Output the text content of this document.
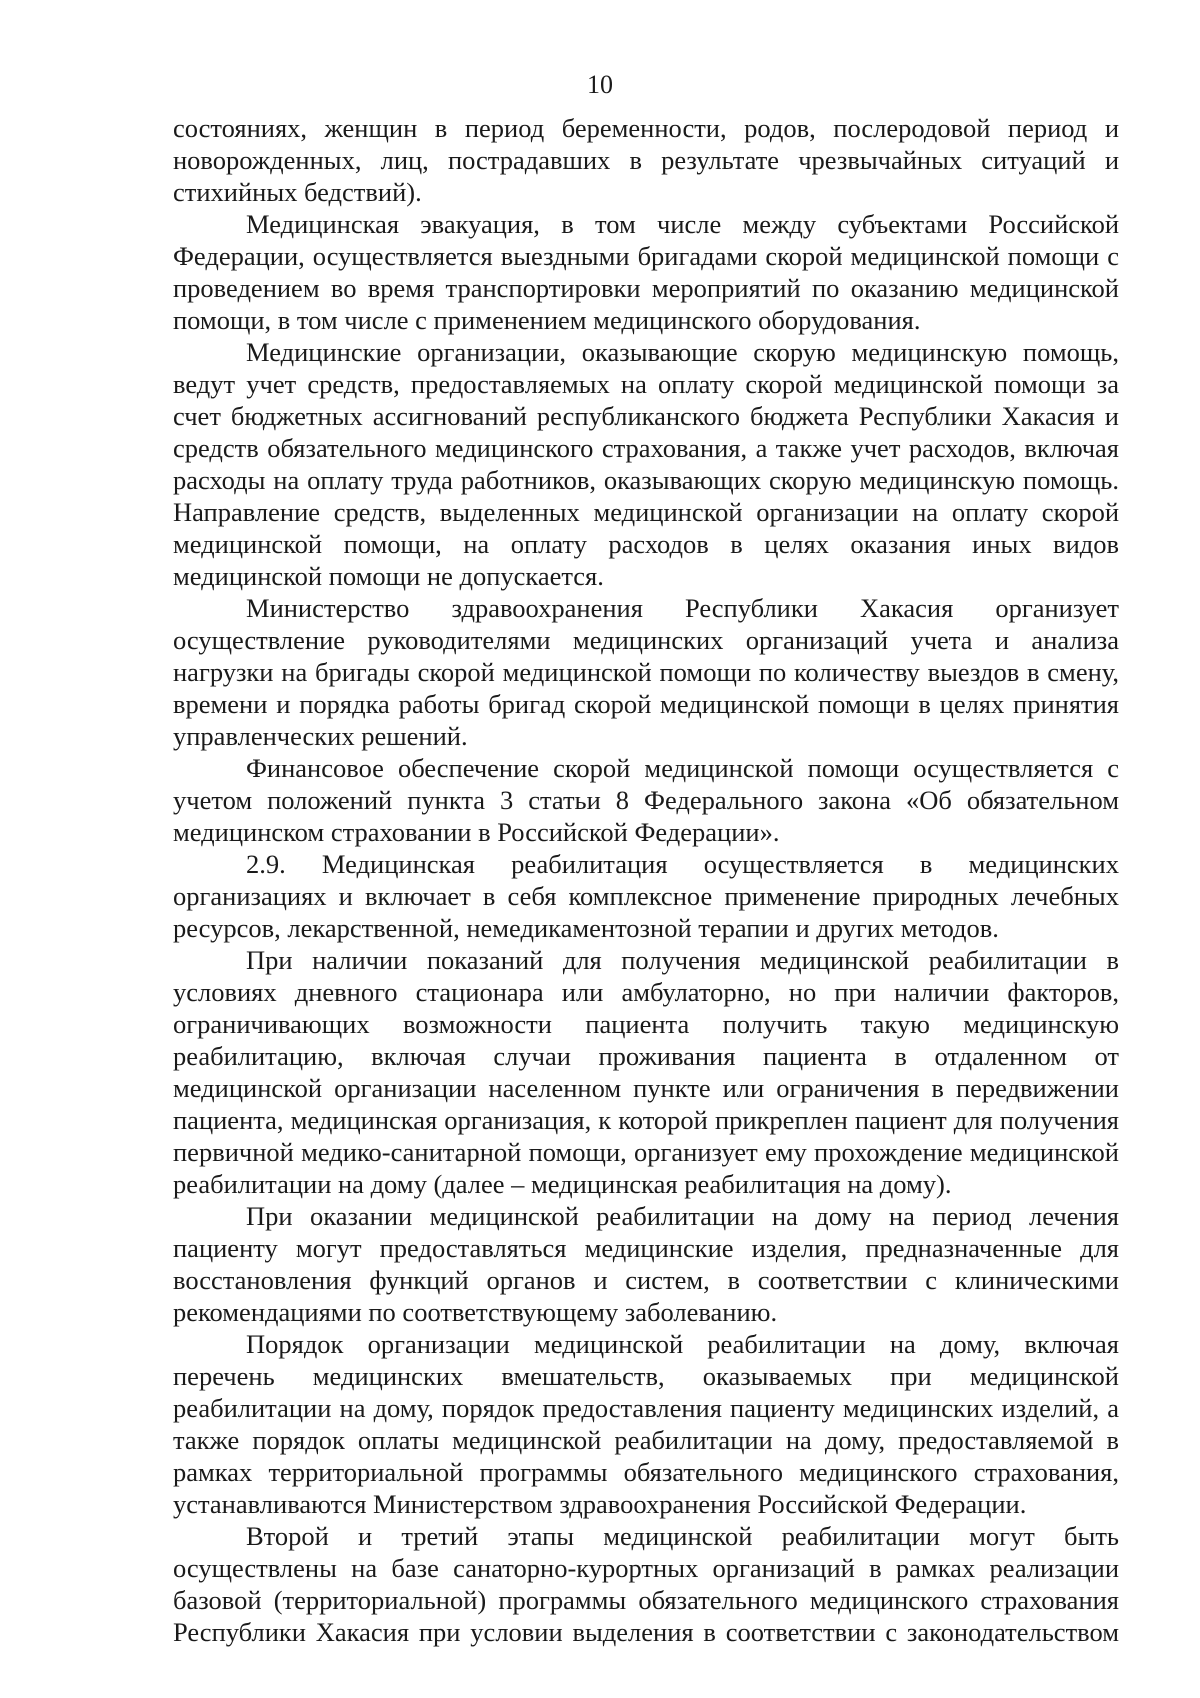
10

состояниях, женщин в период беременности, родов, послеродовой период и новорожденных, лиц, пострадавших в результате чрезвычайных ситуаций и стихийных бедствий).

Медицинская эвакуация, в том числе между субъектами Российской Федерации, осуществляется выездными бригадами скорой медицинской помощи с проведением во время транспортировки мероприятий по оказанию медицинской помощи, в том числе с применением медицинского оборудования.

Медицинские организации, оказывающие скорую медицинскую помощь, ведут учет средств, предоставляемых на оплату скорой медицинской помощи за счет бюджетных ассигнований республиканского бюджета Республики Хакасия и средств обязательного медицинского страхования, а также учет расходов, включая расходы на оплату труда работников, оказывающих скорую медицинскую помощь. Направление средств, выделенных медицинской организации на оплату скорой медицинской помощи, на оплату расходов в целях оказания иных видов медицинской помощи не допускается.

Министерство здравоохранения Республики Хакасия организует осуществление руководителями медицинских организаций учета и анализа нагрузки на бригады скорой медицинской помощи по количеству выездов в смену, времени и порядка работы бригад скорой медицинской помощи в целях принятия управленческих решений.

Финансовое обеспечение скорой медицинской помощи осуществляется с учетом положений пункта 3 статьи 8 Федерального закона «Об обязательном медицинском страховании в Российской Федерации».

2.9. Медицинская реабилитация осуществляется в медицинских организациях и включает в себя комплексное применение природных лечебных ресурсов, лекарственной, немедикаментозной терапии и других методов.

При наличии показаний для получения медицинской реабилитации в условиях дневного стационара или амбулаторно, но при наличии факторов, ограничивающих возможности пациента получить такую медицинскую реабилитацию, включая случаи проживания пациента в отдаленном от медицинской организации населенном пункте или ограничения в передвижении пациента, медицинская организация, к которой прикреплен пациент для получения первичной медико-санитарной помощи, организует ему прохождение медицинской реабилитации на дому (далее – медицинская реабилитация на дому).

При оказании медицинской реабилитации на дому на период лечения пациенту могут предоставляться медицинские изделия, предназначенные для восстановления функций органов и систем, в соответствии с клиническими рекомендациями по соответствующему заболеванию.

Порядок организации медицинской реабилитации на дому, включая перечень медицинских вмешательств, оказываемых при медицинской реабилитации на дому, порядок предоставления пациенту медицинских изделий, а также порядок оплаты медицинской реабилитации на дому, предоставляемой в рамках территориальной программы обязательного медицинского страхования, устанавливаются Министерством здравоохранения Российской Федерации.

Второй и третий этапы медицинской реабилитации могут быть осуществлены на базе санаторно-курортных организаций в рамках реализации базовой (территориальной) программы обязательного медицинского страхования Республики Хакасия при условии выделения в соответствии с законодательством
